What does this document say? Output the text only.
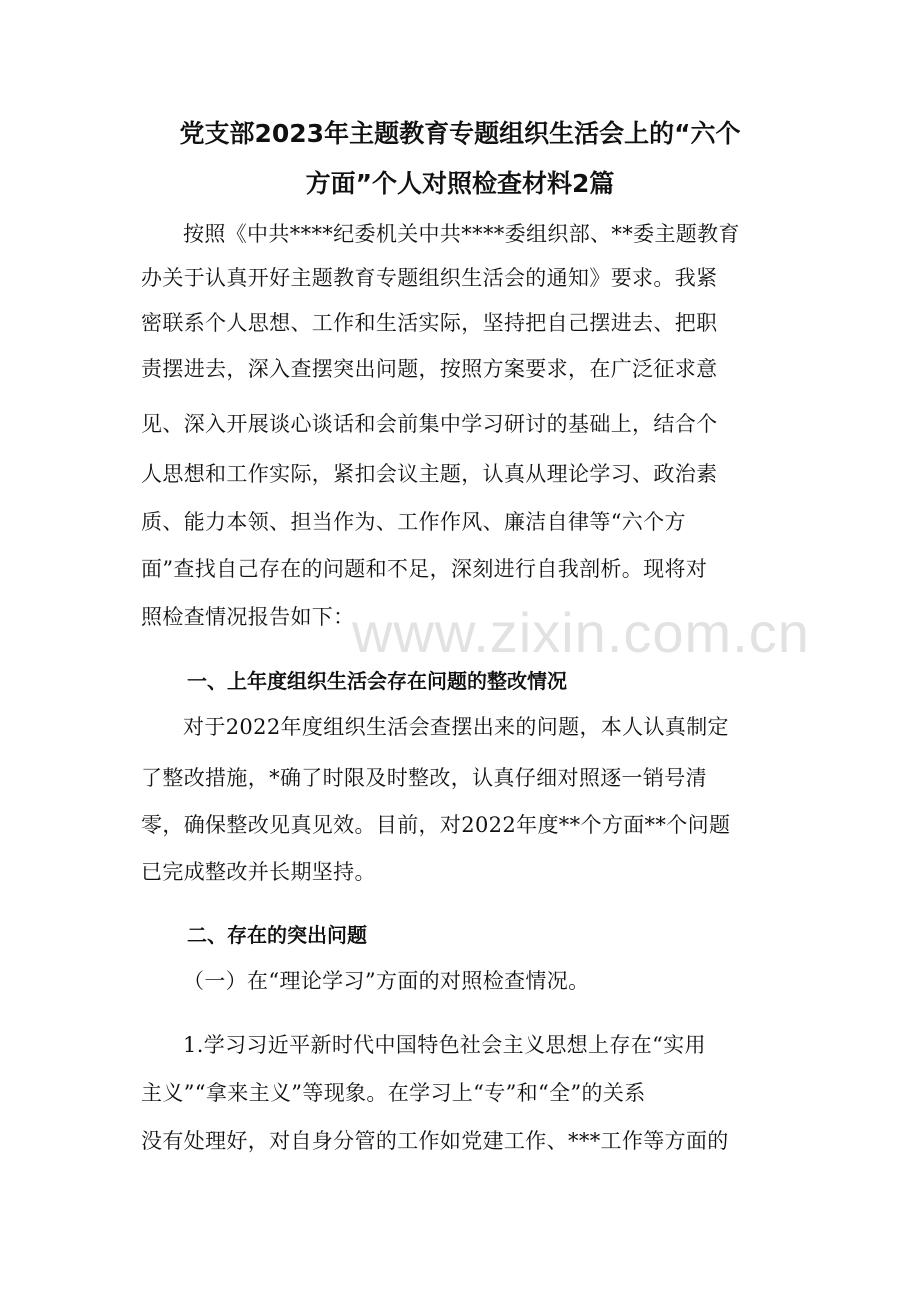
党支部2023年主题教育专题组织生活会上的“六个
方面”个人对照检查材料2篇
按照《中共****纪委机关中共****委组织部、**委主题教育
办关于认真开好主题教育专题组织生活会的通知》要求。我紧
密联系个人思想、工作和生活实际，坚持把自己摆进去、把职
责摆进去，深入查摆突出问题，按照方案要求，在广泛征求意
见、深入开展谈心谈话和会前集中学习研讨的基础上，结合个
人思想和工作实际，紧扣会议主题，认真从理论学习、政治素
质、能力本领、担当作为、工作作风、廉洁自律等“六个方
面”查找自己存在的问题和不足，深刻进行自我剖析。现将对
照检查情况报告如下：
www.zixin.com.cn
一、上年度组织生活会存在问题的整改情况
对于2022年度组织生活会查摆出来的问题，本人认真制定
了整改措施，*确了时限及时整改，认真仔细对照逐一销号清
零，确保整改见真见效。目前，对2022年度**个方面**个问题
已完成整改并长期坚持。
二、存在的突出问题
（一）在“理论学习”方面的对照检查情况。
1.学习习近平新时代中国特色社会主义思想上存在“实用
主义”“拿来主义”等现象。在学习上“专”和“全”的关系
没有处理好，对自身分管的工作如党建工作、***工作等方面的
